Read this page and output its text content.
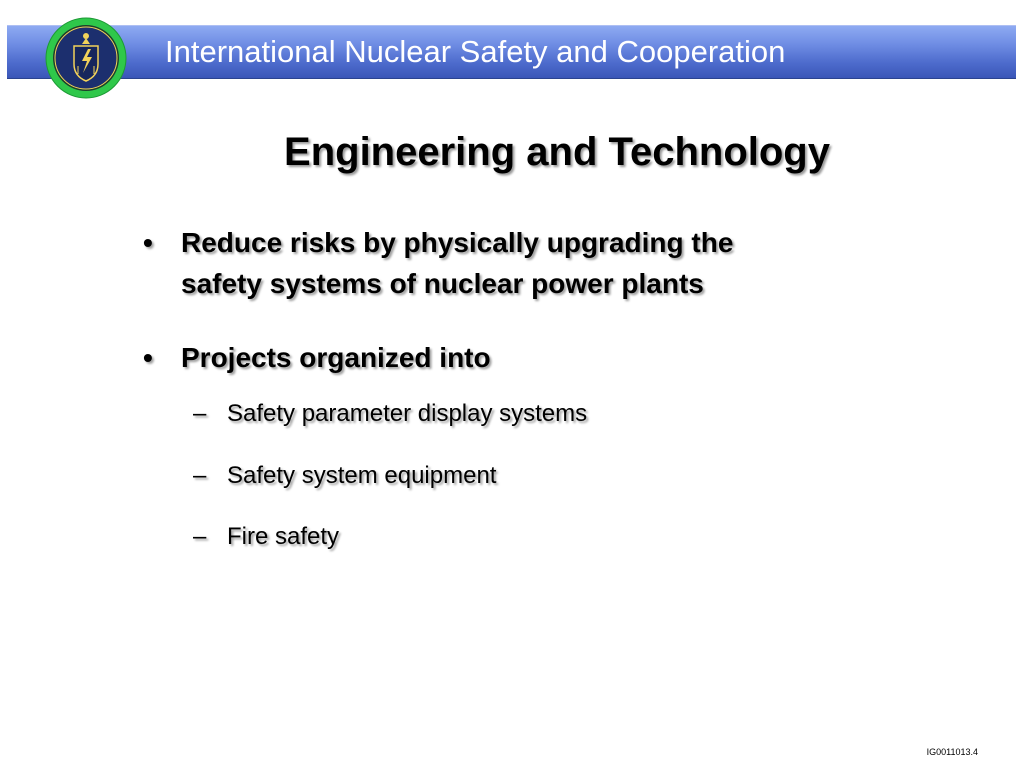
International Nuclear Safety and Cooperation
Engineering and Technology
• Reduce risks by physically upgrading the
safety systems of nuclear power plants
• Projects organized into
– Safety parameter display systems
– Safety system equipment
– Fire safety
IG0011013.4
